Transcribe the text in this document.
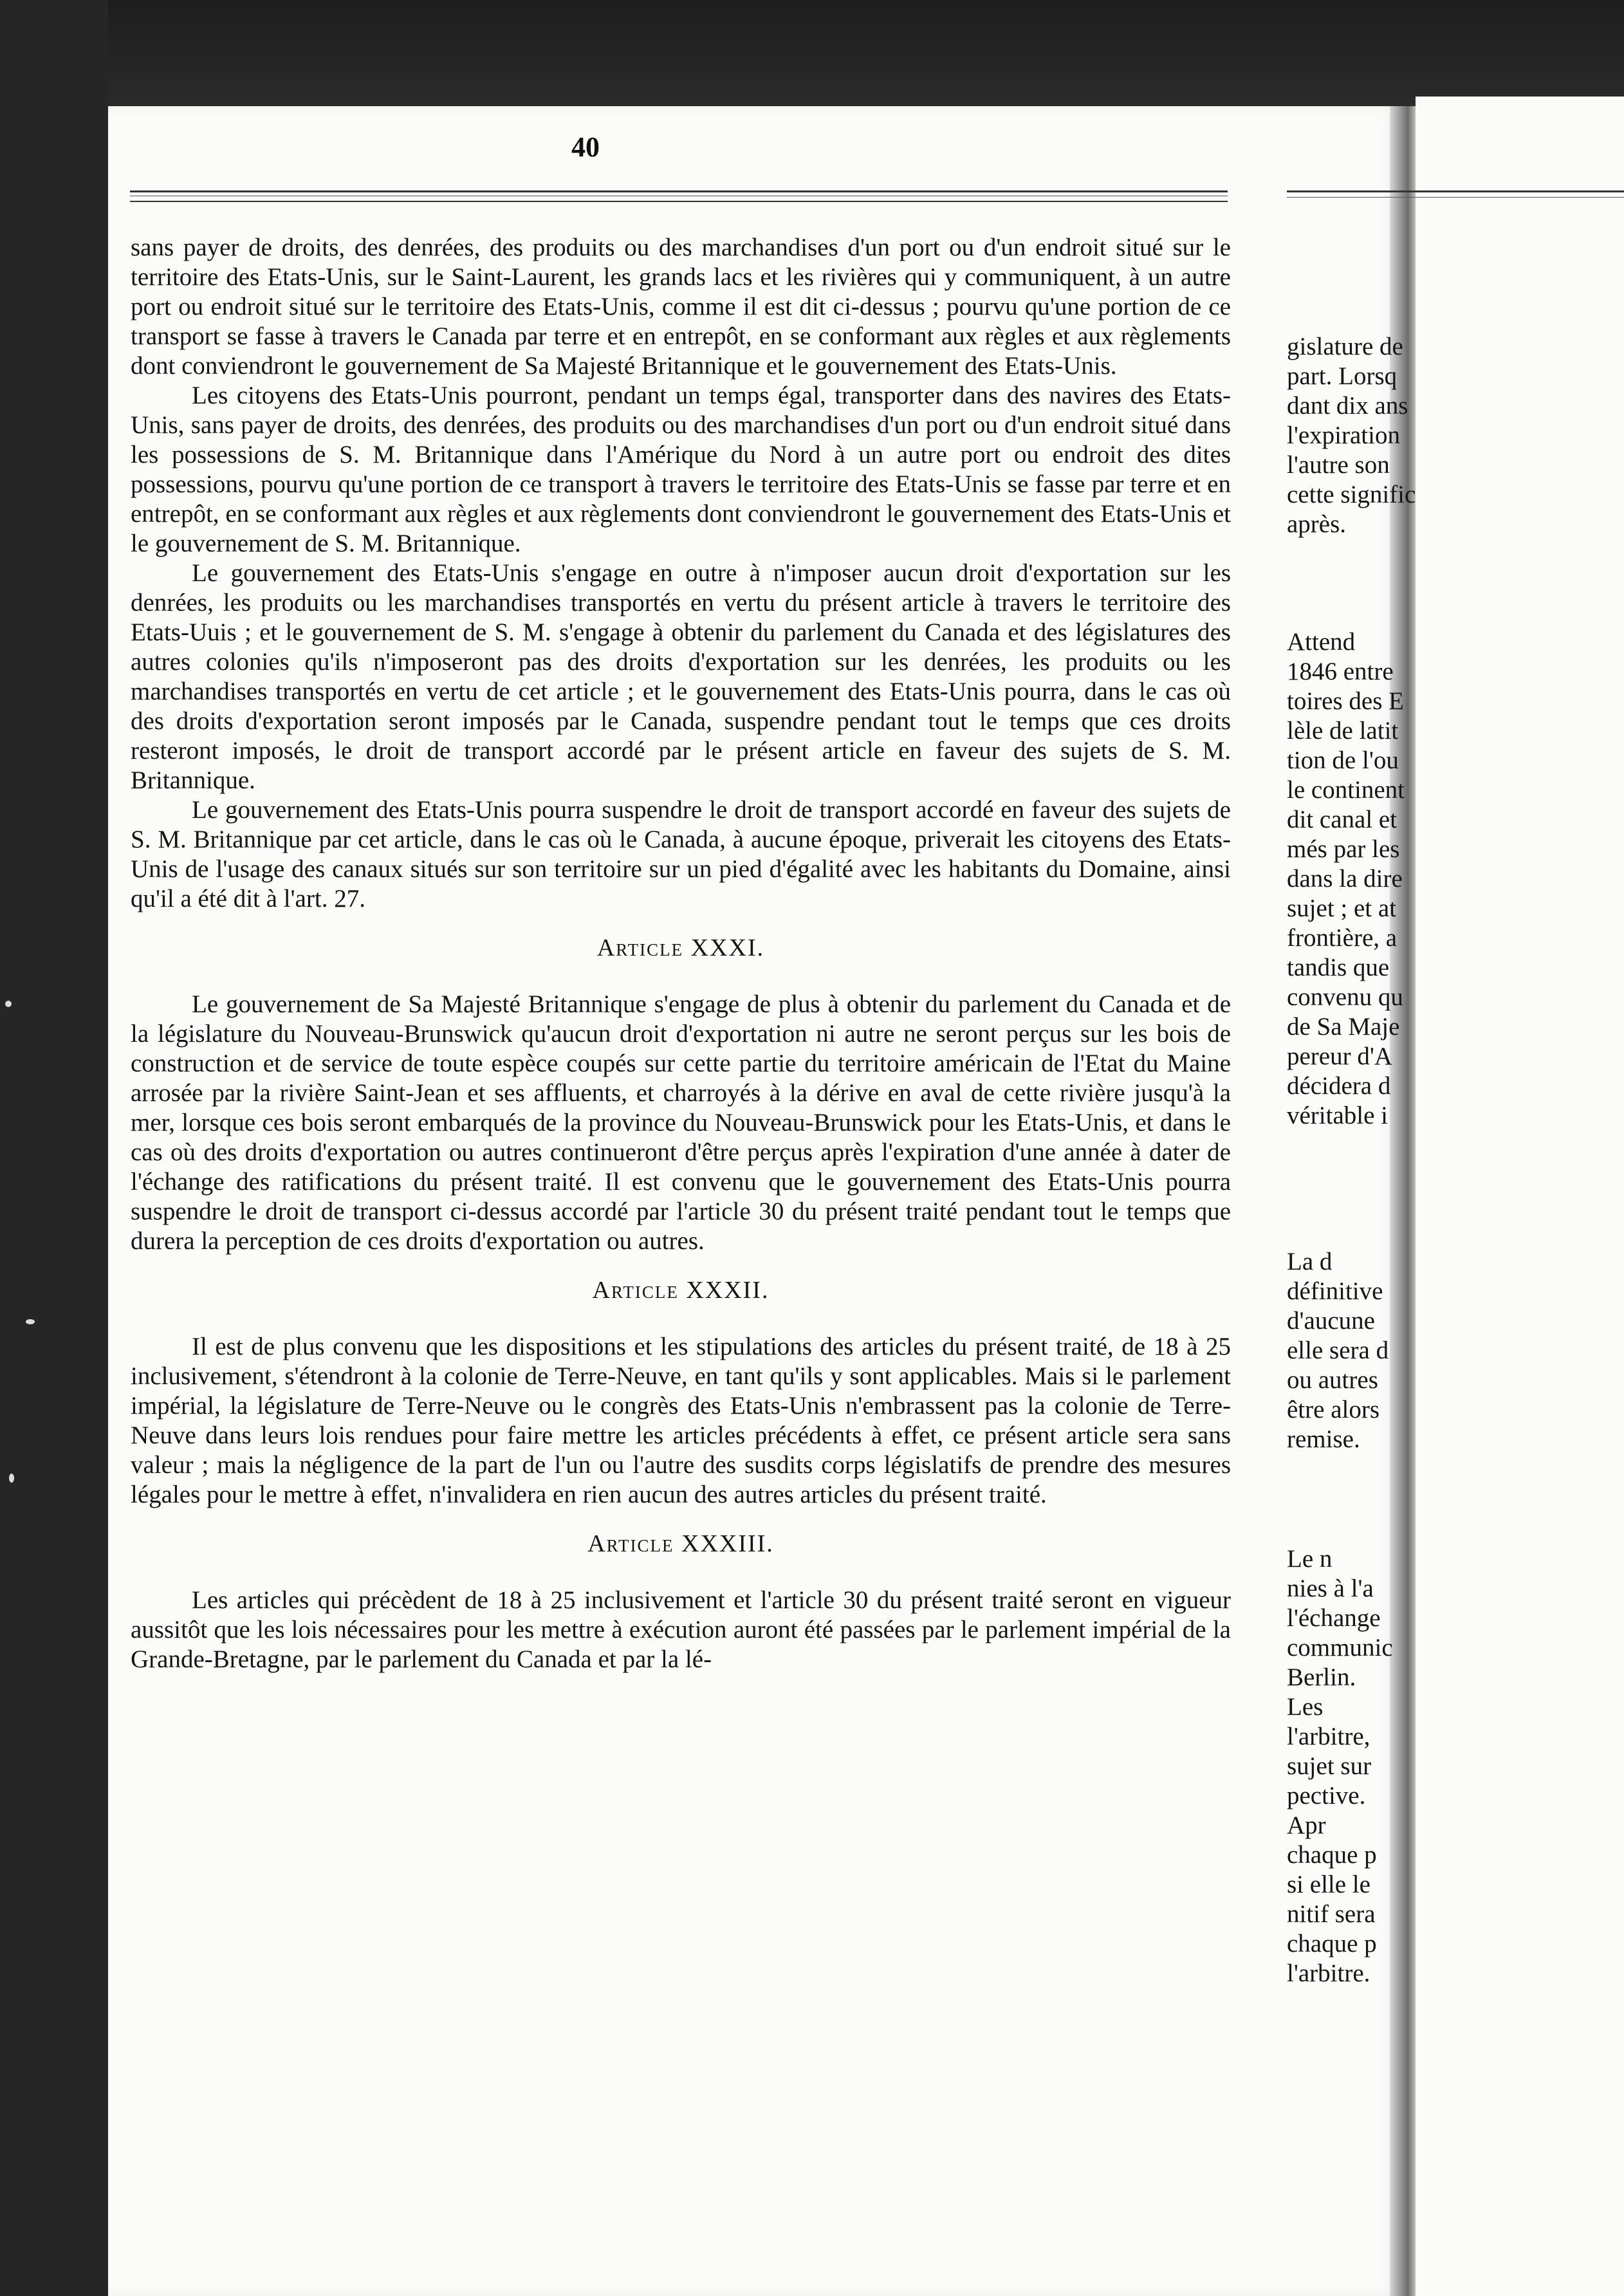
40

sans payer de droits, des denrées, des produits ou des marchandises d'un port ou d'un endroit situé sur le territoire des Etats-Unis, sur le Saint-Laurent, les grands lacs et les rivières qui y communiquent, à un autre port ou endroit situé sur le territoire des Etats-Unis, comme il est dit ci-dessus ; pourvu qu'une portion de ce transport se fasse à travers le Canada par terre et en entrepôt, en se conformant aux règles et aux règlements dont conviendront le gouvernement de Sa Majesté Britannique et le gouvernement des Etats-Unis.

Les citoyens des Etats-Unis pourront, pendant un temps égal, transporter dans des navires des Etats-Unis, sans payer de droits, des denrées, des produits ou des marchandises d'un port ou d'un endroit situé dans les possessions de S. M. Britannique dans l'Amérique du Nord à un autre port ou endroit des dites possessions, pourvu qu'une portion de ce transport à travers le territoire des Etats-Unis se fasse par terre et en entrepôt, en se conformant aux règles et aux règlements dont conviendront le gouvernement des Etats-Unis et le gouvernement de S. M. Britannique.

Le gouvernement des Etats-Unis s'engage en outre à n'imposer aucun droit d'exportation sur les denrées, les produits ou les marchandises transportés en vertu du présent article à travers le territoire des Etats-Uuis ; et le gouvernement de S. M. s'engage à obtenir du parlement du Canada et des législatures des autres colonies qu'ils n'imposeront pas des droits d'exportation sur les denrées, les produits ou les marchandises transportés en vertu de cet article ; et le gouvernement des Etats-Unis pourra, dans le cas où des droits d'exportation seront imposés par le Canada, suspendre pendant tout le temps que ces droits resteront imposés, le droit de transport accordé par le présent article en faveur des sujets de S. M. Britannique.

Le gouvernement des Etats-Unis pourra suspendre le droit de transport accordé en faveur des sujets de S. M. Britannique par cet article, dans le cas où le Canada, à aucune époque, priverait les citoyens des Etats-Unis de l'usage des canaux situés sur son territoire sur un pied d'égalité avec les habitants du Domaine, ainsi qu'il a été dit à l'art. 27.

Article XXXI.

Le gouvernement de Sa Majesté Britannique s'engage de plus à obtenir du parlement du Canada et de la législature du Nouveau-Brunswick qu'aucun droit d'exportation ni autre ne seront perçus sur les bois de construction et de service de toute espèce coupés sur cette partie du territoire américain de l'Etat du Maine arrosée par la rivière Saint-Jean et ses affluents, et charroyés à la dérive en aval de cette rivière jusqu'à la mer, lorsque ces bois seront embarqués de la province du Nouveau-Brunswick pour les Etats-Unis, et dans le cas où des droits d'exportation ou autres continueront d'être perçus après l'expiration d'une année à dater de l'échange des ratifications du présent traité. Il est convenu que le gouvernement des Etats-Unis pourra suspendre le droit de transport ci-dessus accordé par l'article 30 du présent traité pendant tout le temps que durera la perception de ces droits d'exportation ou autres.

Article XXXII.

Il est de plus convenu que les dispositions et les stipulations des articles du présent traité, de 18 à 25 inclusivement, s'étendront à la colonie de Terre-Neuve, en tant qu'ils y sont applicables. Mais si le parlement impérial, la législature de Terre-Neuve ou le congrès des Etats-Unis n'embrassent pas la colonie de Terre-Neuve dans leurs lois rendues pour faire mettre les articles précédents à effet, ce présent article sera sans valeur ; mais la négligence de la part de l'un ou l'autre des susdits corps législatifs de prendre des mesures légales pour le mettre à effet, n'invalidera en rien aucun des autres articles du présent traité.

Article XXXIII.

Les articles qui précèdent de 18 à 25 inclusivement et l'article 30 du présent traité seront en vigueur aussitôt que les lois nécessaires pour les mettre à exécution auront été passées par le parlement impérial de la Grande-Bretagne, par le parlement du Canada et par la lé-

gislature de
part. Lorsq
dant dix ans
l'expiration
l'autre son
cette signific
après.
Attend
1846 entre
toires des E
lèle de latit
tion de l'ou
le continent
dit canal et
més par les
dans la dire
sujet ; et at
frontière, a
tandis que
convenu qu
de Sa Maje
pereur d'A
décidera d
véritable i
La d
définitive
d'aucune
elle sera d
ou autres
être alors
remise.
Le n
nies à l'a
l'échange
communic
Berlin.
Les
l'arbitre,
sujet sur
pective.
Apr
chaque p
si elle le
nitif sera
chaque p
l'arbitre.
